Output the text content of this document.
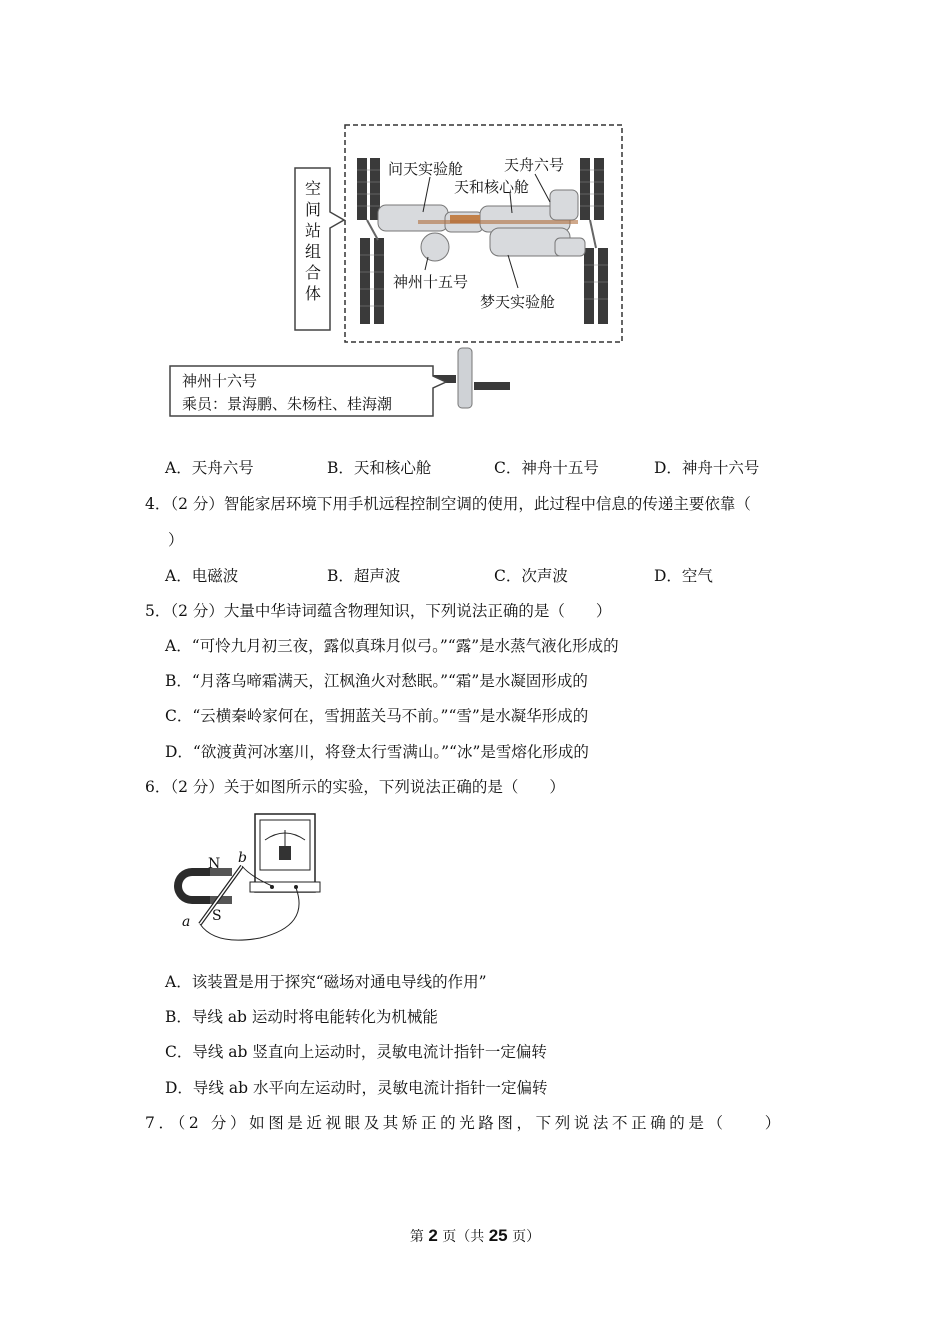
空
间
站
组
合
体
问天实验舱	天舟六号
天和核心舱
神州十五号
梦天实验舱
神州十六号
乘员：景海鹏、朱杨柱、桂海潮
A．天舟六号	B．天和核心舱	C．神舟十五号	D．神舟十六号
4．（2 分）智能家居环境下用手机远程控制空调的使用，此过程中信息的传递主要依靠（
）
A．电磁波	B．超声波	C．次声波	D．空气
5．（2 分）大量中华诗词蕴含物理知识，下列说法正确的是（　　）
A．“可怜九月初三夜，露似真珠月似弓。”“露”是水蒸气液化形成的
B．“月落乌啼霜满天，江枫渔火对愁眠。”“霜”是水凝固形成的
C．“云横秦岭家何在，雪拥蓝关马不前。”“雪”是水凝华形成的
D．“欲渡黄河冰塞川，将登太行雪满山。”“冰”是雪熔化形成的
6．（2 分）关于如图所示的实验，下列说法正确的是（　　）
N
S
a
b
A．该装置是用于探究“磁场对通电导线的作用”
B．导线 ab 运动时将电能转化为机械能
C．导线 ab 竖直向上运动时，灵敏电流计指针一定偏转
D．导线 ab 水平向左运动时，灵敏电流计指针一定偏转
7．（2 分）如图是近视眼及其矫正的光路图，下列说法不正确的是（　　）
第 2 页（共 25 页）
